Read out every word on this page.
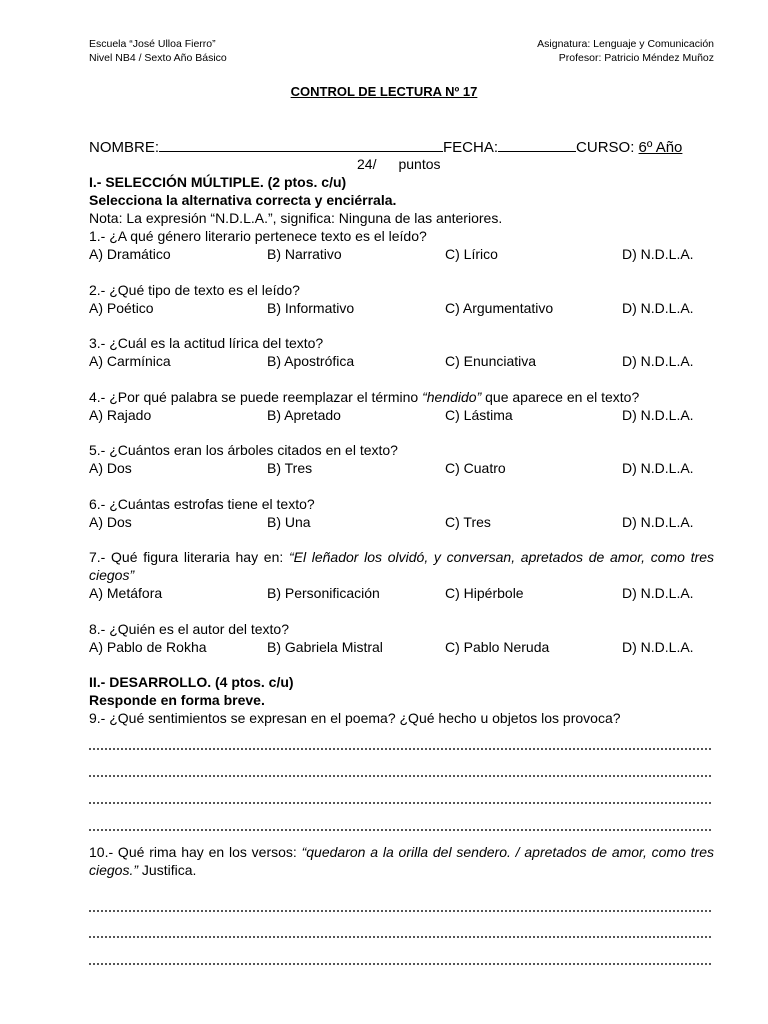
Escuela “José Ulloa Fierro”
Nivel NB4 / Sexto Año Básico
Asignatura: Lenguaje y Comunicación
Profesor: Patricio Méndez Muñoz
CONTROL DE LECTURA Nº 17
NOMBRE:	FECHA:	CURSO: 6º Año
24/ puntos
I.- SELECCIÓN MÚLTIPLE. (2 ptos. c/u)
Selecciona la alternativa correcta y enciérrala.
Nota: La expresión “N.D.L.A.”, significa: Ninguna de las anteriores.
1.- ¿A qué género literario pertenece texto es el leído?
A) Dramático	B) Narrativo	C) Lírico	D) N.D.L.A.
2.- ¿Qué tipo de texto es el leído?
A) Poético	B) Informativo	C) Argumentativo	D) N.D.L.A.
3.- ¿Cuál es la actitud lírica del texto?
A) Carmínica	B) Apostrófica	C) Enunciativa	D) N.D.L.A.
4.- ¿Por qué palabra se puede reemplazar el término “hendido” que aparece en el texto?
A) Rajado	B) Apretado	C) Lástima	D) N.D.L.A.
5.- ¿Cuántos eran los árboles citados en el texto?
A) Dos	B) Tres	C) Cuatro	D) N.D.L.A.
6.- ¿Cuántas estrofas tiene el texto?
A) Dos	B) Una	C) Tres	D) N.D.L.A.
7.- Qué figura literaria hay en: “El leñador los olvidó, y conversan, apretados de amor, como tres ciegos”
A) Metáfora	B) Personificación	C) Hipérbole	D) N.D.L.A.
8.- ¿Quién es el autor del texto?
A) Pablo de Rokha	B) Gabriela Mistral	C) Pablo Neruda	D) N.D.L.A.
II.- DESARROLLO. (4 ptos. c/u)
Responde en forma breve.
9.- ¿Qué sentimientos se expresan en el poema? ¿Qué hecho u objetos los provoca?
10.- Qué rima hay en los versos: “quedaron a la orilla del sendero. / apretados de amor, como tres ciegos.” Justifica.
